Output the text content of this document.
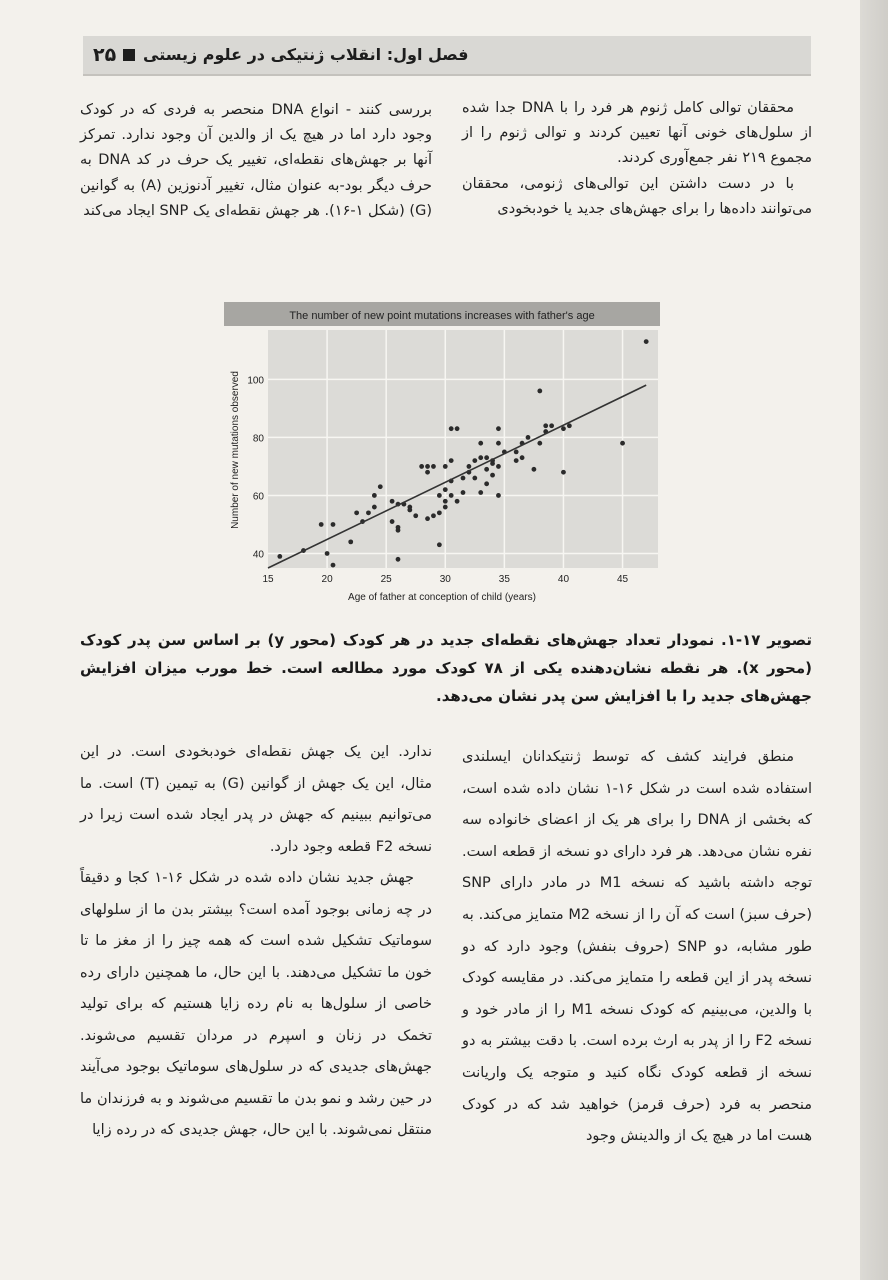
۲۵ فصل اول: انقلاب ژنتیکی در علوم زیستی

محققان توالی کامل ژنوم هر فرد را با DNA جدا شده از سلول‌های خونی آنها تعیین کردند و توالی ژنوم را از مجموع ۲۱۹ نفر جمع‌آوری کردند.

با در دست داشتن این توالی‌های ژنومی، محققان می‌توانند داده‌ها را برای جهش‌های جدید یا خودبخودی

بررسی کنند - انواع DNA منحصر به فردی که در کودک وجود دارد اما در هیچ یک از والدین آن وجود ندارد. تمرکز آنها بر جهش‌های نقطه‌ای، تغییر یک حرف در کد DNA به حرف دیگر بود-به عنوان مثال، تغییر آدنوزین (A) به گوانین (G) (شکل ۱-۱۶). هر جهش نقطه‌ای یک SNP ایجاد می‌کند

The number of new point mutations increases with father's age
15	20	25	30	35	40	45
40
60
80
100
Age of father at conception of child (years)
Number of new mutations observed
تصویر ۱۷-۱. نمودار تعداد جهش‌های نقطه‌ای جدید در هر کودک (محور y) بر اساس سن پدر کودک (محور x). هر نقطه نشان‌دهنده یکی از ۷۸ کودک مورد مطالعه است. خط مورب میزان افزایش جهش‌های جدید را با افزایش سن پدر نشان می‌دهد.

منطق فرایند کشف که توسط ژنتیکدانان ایسلندی استفاده شده است در شکل ۱۶-۱ نشان داده شده است، که بخشی از DNA را برای هر یک از اعضای خانواده سه نفره نشان می‌دهد. هر فرد دارای دو نسخه از قطعه است. توجه داشته باشید که نسخه M1 در مادر دارای SNP (حرف سبز) است که آن را از نسخه M2 متمایز می‌کند. به طور مشابه، دو SNP (حروف بنفش) وجود دارد که دو نسخه پدر از این قطعه را متمایز می‌کند. در مقایسه کودک با والدین، می‌بینیم که کودک نسخه M1 را از مادر خود و نسخه F2 را از پدر به ارث برده است. با دقت بیشتر به دو نسخه از قطعه کودک نگاه کنید و متوجه یک واریانت منحصر به فرد (حرف قرمز) خواهید شد که در کودک هست اما در هیچ یک از والدینش وجود

ندارد. این یک جهش نقطه‌ای خودبخودی است. در این مثال، این یک جهش از گوانین (G) به تیمین (T) است. ما می‌توانیم ببینیم که جهش در پدر ایجاد شده است زیرا در نسخه F2 قطعه وجود دارد.

جهش جدید نشان داده شده در شکل ۱۶-۱ کجا و دقیقاً در چه زمانی بوجود آمده است؟ بیشتر بدن ما از سلولهای سوماتیک تشکیل شده است که همه چیز را از مغز ما تا خون ما تشکیل می‌دهند. با این حال، ما همچنین دارای رده خاصی از سلول‌ها به نام رده زایا هستیم که برای تولید تخمک در زنان و اسپرم در مردان تقسیم می‌شوند. جهش‌های جدیدی که در سلول‌های سوماتیک بوجود می‌آیند در حین رشد و نمو بدن ما تقسیم می‌شوند و به فرزندان ما منتقل نمی‌شوند. با این حال، جهش جدیدی که در رده زایا
